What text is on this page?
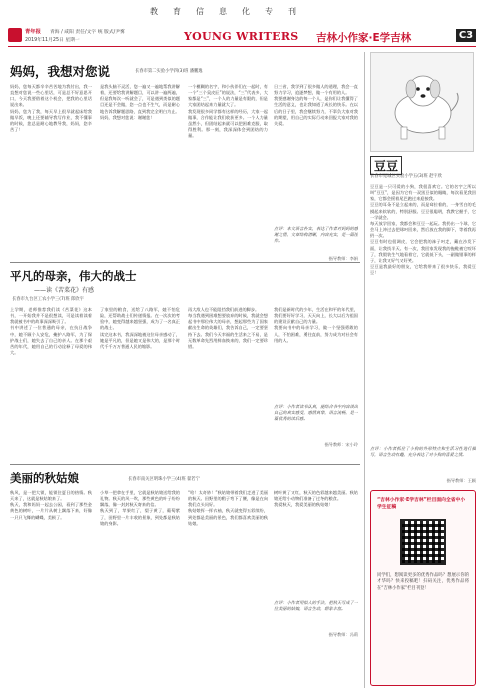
教育信息化专刊
青年报 青海 / 咸阳 责任/文字 统 版式/尹雾
2019年11月25日 星期一	YOUNG WRITERS 吉林小作家·E学吉林	C3
妈妈，我想对您说	长春市第二实验小学四(3)班 潘鹏逸
妈妈，您每天都辛辛苦苦地为我付出，我一直想对您说一些心里话，可是总不好意思开口，今天我要借着这个机会，把我的心里话说出来。
妈妈，您为了我，每天早上很早就起床给我做早饭，晚上还要辅导我写作业，我不懂事的时候，您总是耐心地教导我，妈妈，您辛苦了！
是我头脑不灵活，您一遍又一遍地帮我讲解着，还要给我讲解题目，可以讲一遍两遍，但是我每次一听就会了，可是遇到类似的题目还是不会做，您一点也不生气，而是耐心地告诉我解题思路，直到我完全明白为止。
妈妈，我想对您说：谢谢您！
一个模糊的名字，和小伙伴们在一起时，有一个“三个臭皮匠”的说法，“三”代表多，大家都是“三”，一个人的力量是有限的，但是大家团结起来力量就大了。
我发现很多同学都有这样的经历，大家一起做事，合作能让我们收获更多。一个人力量虽然小，但团结起来就可以把困难克服，取得胜利。那一刻，我深深体会到团结的力量。
日三省，我学到了很多做人的道理，我会一直努力学习，追逐梦想，做一个有用的人。
我要感谢身边的每一个人，是你们让我懂得了生活的意义，也让我知道了成长的快乐。在以后的日子里，我会继续努力，不辜负大家对我的期望，用自己的实际行动来回报大家对我的关爱。
点评：本文语言朴实，表达了作者对妈妈的感谢之情，文章结构清晰，内容充实，是一篇佳作。
指导教师：李娟
平凡的母亲，伟大的战士
——读《苦菜花》有感
长春市九台区工农小学三(7)班 郎欣宇
上学期，老师推荐我们读《苦菜花》这本书，一开始我并不是很想读，可是读着读着我就被书中的故事深深吸引了。
书中讲述了一位普通的母亲，在抗日战争中，她不顾个人安危，掩护八路军，为了保护战士们，她失去了自己的亲人。在那个艰苦的年代，她用自己的行动诠释了母爱的伟大。
了家里的粮食，送给了八路军，她不怕危险，还帮助战士们传递情报。在一次次的考验中，她变得越来越坚强，成为了一名真正的战士。
读完这本书，我深深地被这位母亲感动了，她是平凡的，但是她又是伟大的，是那个时代千千万万普通人民的缩影。
再大敌人也不能阻挡我们前进的脚步。
每当我遇到困难想要放弃的时候，我就会想起书中那位伟大的母亲，想起那些为了国家献出生命的英雄们，我告诉自己，一定要坚持下去。我们今天幸福的生活来之不易，是无数革命先烈用鲜血换来的，我们一定要珍惜。
我们是新时代的少年，生活在和平的年代里，我们要好好学习，天天向上，长大以后为祖国的建设贡献自己的力量。
我要向书中的母亲学习，做一个坚强勇敢的人，不怕困难，勇往直前，努力成为对社会有用的人。
点评：小作者读书认真，能结合书中内容谈出自己的真实感受，感情真挚，语言流畅，是一篇优秀的读后感。
指导教师：宋小玲
美丽的秋姑娘	长春市南关区明珠小学三(4)班 翟若宁
秋风，是一把大锁，能锁住夏日的热情。秋天来了，这就是秋姑娘来了。
秋天，我和妈妈一起去公园，看到了那些金黄色的树叶，一片片从树上飘落下来，好像一只只飞舞的蝴蝶，美极了。
小草一把拿在手里，它就是秋姑娘送给我的礼物。秋天的风一吹，那些黄色的叶子纷纷飘落，像一封封秋天寄来的信。
秋天到了，苹果红了，梨子黄了，葡萄紫了，田野里一片丰收的景象，到处都是秋姑娘的身影。
“哈！太奇妙！”秋姑娘带着我们走进了美丽的秋天。田野里的稻子弯下了腰，像是在向我们点头问好。
秋姑娘挥一挥衣袖，秋天就变得五彩缤纷，到处都是美丽的景色，我们都喜欢美丽的秋姑娘。
树叶黄了又红，秋天的色彩越来越美丽。秋姑娘还给小动物们准备了过冬的粮食。
我爱秋天，我爱美丽的秋姑娘！
点评：小作者用拟人的手法，把秋天写成了一位美丽的姑娘，语言生动，想象丰富。
指导教师：冯莉
豆豆
长春市宽城区实验小学五(3)班 赵宇欣
豆豆是一只可爱的小狗，我很喜欢它。它的名字之所以叫“豆豆”，是因为它有一双黑豆似的眼睛，每次看见我回家，它都会摇着尾巴跑过来迎接我。
豆豆的耳朵不是立起来的，而是耷拉着的，一身雪白的毛摸起来软软的，特别舒服。豆豆很聪明，我教它握手，它一学就会。
每天放学回家，我都会和豆豆一起玩。我扔出一个球，它会马上冲过去把球叼回来，然后放在我的脚下，等着我再扔一次。
豆豆有时也很调皮，它会把我的袜子叼走，藏在沙发下面，让我找半天。有一次，我回家发现我的拖鞋被它咬坏了，我假装生气地看着它，它就低下头，一副做错事的样子，让我又好气又好笑。
豆豆是我最好的朋友，它给我带来了很多快乐，我爱豆豆！
点评：小作者抓住了小狗的外形特点和生活习性进行描写，语言生动有趣，充分表达了对小狗的喜爱之情。
指导教师：王颖
“吉林小作家·E学吉林”栏目面向全省中小学生征稿
同学们，想阅读更多的优秀作品吗？想展示你的才华吗？快来投稿吧！扫码关注，优秀作品将在“吉林小作家”栏目刊登！
